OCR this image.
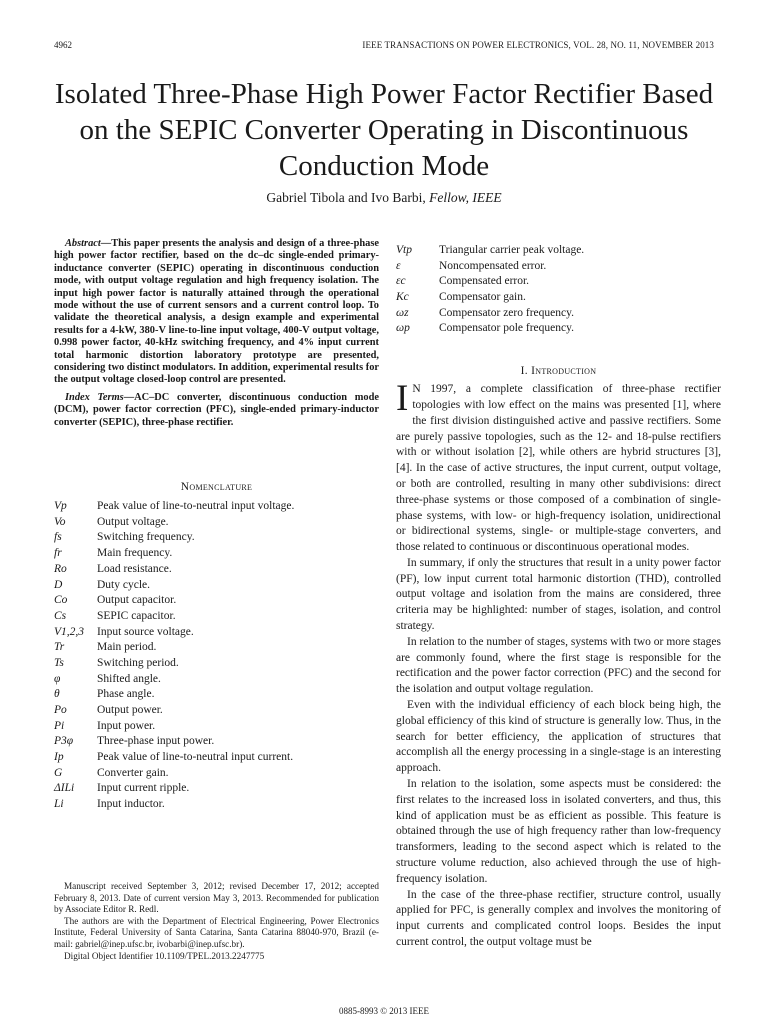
4962	IEEE TRANSACTIONS ON POWER ELECTRONICS, VOL. 28, NO. 11, NOVEMBER 2013
Isolated Three-Phase High Power Factor Rectifier Based on the SEPIC Converter Operating in Discontinuous Conduction Mode
Gabriel Tibola and Ivo Barbi, Fellow, IEEE

Abstract—This paper presents the analysis and design of a three-phase high power factor rectifier, based on the dc–dc single-ended primary-inductance converter (SEPIC) operating in discontinuous conduction mode, with output voltage regulation and high frequency isolation. The input high power factor is naturally attained through the operational mode without the use of current sensors and a current control loop. To validate the theoretical analysis, a design example and experimental results for a 4-kW, 380-V line-to-line input voltage, 400-V output voltage, 0.998 power factor, 40-kHz switching frequency, and 4% input current total harmonic distortion laboratory prototype are presented, considering two distinct modulators. In addition, experimental results for the output voltage closed-loop control are presented.

Index Terms—AC–DC converter, discontinuous conduction mode (DCM), power factor correction (PFC), single-ended primary-inductor converter (SEPIC), three-phase rectifier.

Nomenclature
Vp	Peak value of line-to-neutral input voltage.
Vo	Output voltage.
fs	Switching frequency.
fr	Main frequency.
Ro	Load resistance.
D	Duty cycle.
Co	Output capacitor.
Cs	SEPIC capacitor.
V1,2,3	Input source voltage.
Tr	Main period.
Ts	Switching period.
φ	Shifted angle.
θ	Phase angle.
Po	Output power.
Pi	Input power.
P3φ	Three-phase input power.
Ip	Peak value of line-to-neutral input current.
G	Converter gain.
ΔILi	Input current ripple.
Li	Input inductor.

Manuscript received September 3, 2012; revised December 17, 2012; accepted February 8, 2013. Date of current version May 3, 2013. Recommended for publication by Associate Editor R. Redl.

The authors are with the Department of Electrical Engineering, Power Electronics Institute, Federal University of Santa Catarina, Santa Catarina 88040-970, Brazil (e-mail: gabriel@inep.ufsc.br, ivobarbi@inep.ufsc.br).

Digital Object Identifier 10.1109/TPEL.2013.2247775

Vtp	Triangular carrier peak voltage.
ε	Noncompensated error.
εc	Compensated error.
Kc	Compensator gain.
ωz	Compensator zero frequency.
ωp	Compensator pole frequency.
I. Introduction

I N 1997, a complete classification of three-phase rectifier topologies with low effect on the mains was presented [1], where the first division distinguished active and passive rectifiers. Some are purely passive topologies, such as the 12- and 18-pulse rectifiers with or without isolation [2], while others are hybrid structures [3], [4]. In the case of active structures, the input current, output voltage, or both are controlled, resulting in many other subdivisions: direct three-phase systems or those composed of a combination of single-phase systems, with low- or high-frequency isolation, unidirectional or bidirectional systems, single- or multiple-stage converters, and those related to continuous or discontinuous operational modes.

In summary, if only the structures that result in a unity power factor (PF), low input current total harmonic distortion (THD), controlled output voltage and isolation from the mains are considered, three criteria may be highlighted: number of stages, isolation, and control strategy.

In relation to the number of stages, systems with two or more stages are commonly found, where the first stage is responsible for the rectification and the power factor correction (PFC) and the second for the isolation and output voltage regulation.

Even with the individual efficiency of each block being high, the global efficiency of this kind of structure is generally low. Thus, in the search for better efficiency, the application of structures that accomplish all the energy processing in a single-stage is an interesting approach.

In relation to the isolation, some aspects must be considered: the first relates to the increased loss in isolated converters, and thus, this kind of application must be as efficient as possible. This feature is obtained through the use of high frequency rather than low-frequency transformers, leading to the second aspect which is related to the structure volume reduction, also achieved through the use of high-frequency isolation.

In the case of the three-phase rectifier, structure control, usually applied for PFC, is generally complex and involves the monitoring of input currents and complicated control loops. Besides the input current control, the output voltage must be

0885-8993 © 2013 IEEE
